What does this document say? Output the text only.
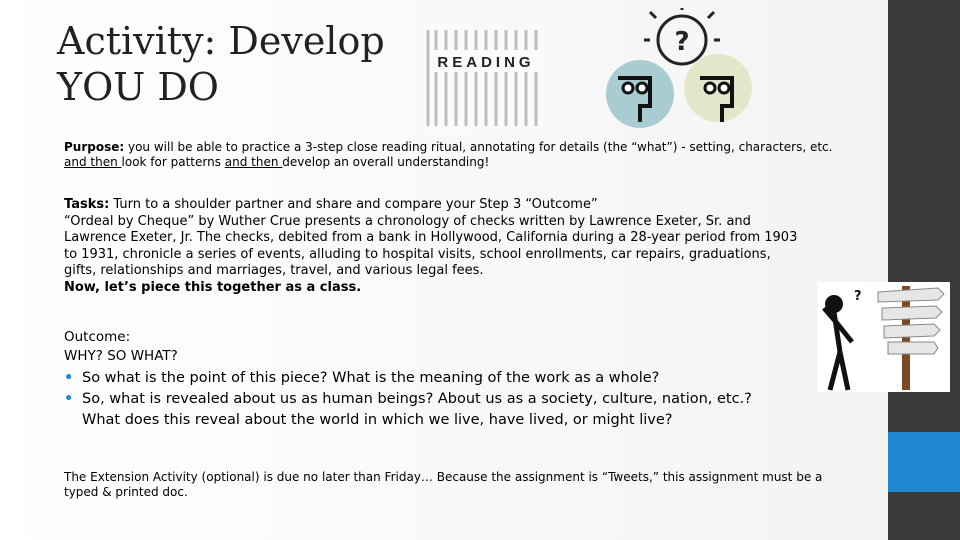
Activity: Develop
YOU DO
READING
?
Purpose: you will be able to practice a 3-step close reading ritual, annotating for details (the “what”) - setting, characters, etc.
and then look for patterns and then develop an overall understanding!
Tasks: Turn to a shoulder partner and share and compare your Step 3 “Outcome”
“Ordeal by Cheque” by Wuther Crue presents a chronology of checks written by Lawrence Exeter, Sr. and
Lawrence Exeter, Jr. The checks, debited from a bank in Hollywood, California during a 28-year period from 1903
to 1931, chronicle a series of events, alluding to hospital visits, school enrollments, car repairs, graduations,
gifts, relationships and marriages, travel, and various legal fees.
Now, let’s piece this together as a class.
?
Outcome:
WHY? SO WHAT?
• So what is the point of this piece? What is the meaning of the work as a whole?
• So, what is revealed about us as human beings? About us as a society, culture, nation, etc.?
What does this reveal about the world in which we live, have lived, or might live?
The Extension Activity (optional) is due no later than Friday… Because the assignment is “Tweets,” this assignment must be a
typed & printed doc.
